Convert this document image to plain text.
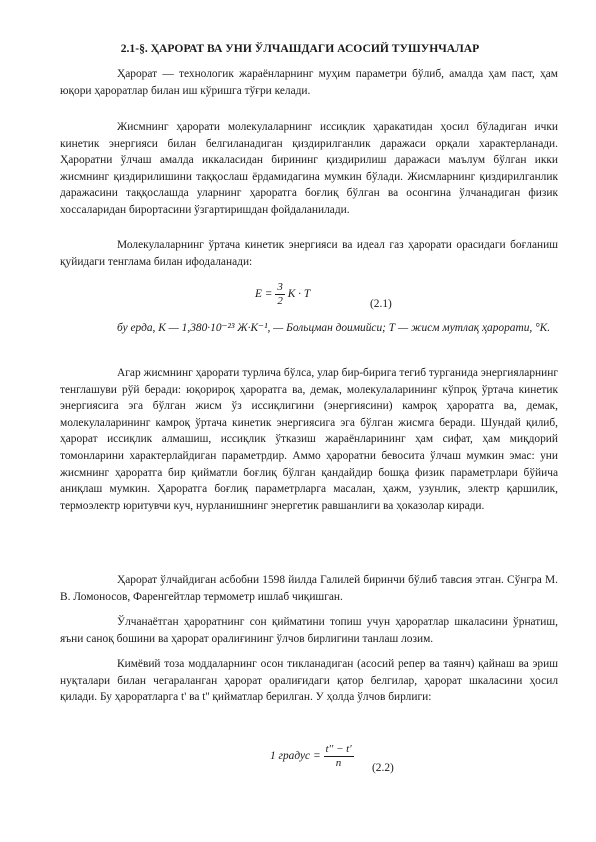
2.1-§. ҲАРОРАТ ВА УНИ ЎЛЧАШДАГИ АСОСИЙ ТУШУНЧАЛАР
Ҳарорат — технологик жараёнларнинг муҳим параметри бўлиб, амалда ҳам паст, ҳам юқори ҳароратлар билан иш кўришга тўғри келади.
Жисмнинг ҳарорати молекулаларнинг иссиқлик ҳаракатидан ҳосил бўладиган ички кинетик энергияси билан белгиланадиган қиздирилганлик даражаси орқали характерланади. Ҳароратни ўлчаш амалда иккаласидан бирининг қиздирилиш даражаси маълум бўлган икки жисмнинг қиздирилишини таққослаш ёрдамидагина мумкин бўлади. Жисмларнинг қиздирилганлик даражасини таққослашда уларнинг ҳароратга боғлиқ бўлган ва осонгина ўлчанадиган физик хоссаларидан бирортасини ўзгартиришдан фойдаланилади.
Молекулаларнинг ўртача кинетик энергияси ва идеал газ ҳарорати орасидаги боғланиш қуйидаги тенглама билан ифодаланади:
$E = \frac{3}{2}$ K · T
(2.1)
бу ерда, K — 1,380·10⁻²³ Ж·К⁻¹, — Больцман доимийси; Т — жисм мутлақ ҳарорати, °К.
Агар жисмнинг ҳарорати турлича бўлса, улар бир-бирига тегиб турганида энергияларнинг тенглашуви рўй беради: юқорироқ ҳароратга ва, демак, молекулаларининг кўпроқ ўртача кинетик энергиясига эга бўлган жисм ўз иссиқлигини (энергиясини) камроқ ҳароратга ва, демак, молекулаларининг камроқ ўртача кинетик энергиясига эга бўлган жисмга беради. Шундай қилиб, ҳарорат иссиқлик алмашиш, иссиқлик ўтказиш жараёнларининг ҳам сифат, ҳам миқдорий томонларини характерлайдиган параметрдир. Аммо ҳароратни бевосита ўлчаш мумкин эмас: уни жисмнинг ҳароратга бир қийматли боғлиқ бўлган қандайдир бошқа физик параметрлари бўйича аниқлаш мумкин. Ҳароратга боғлиқ параметрларга масалан, ҳажм, узунлик, электр қаршилик, термоэлектр юритувчи куч, нурланишнинг энергетик равшанлиги ва ҳоказолар киради.
Ҳарорат ўлчайдиган асбобни 1598 йилда Галилей биринчи бўлиб тавсия этган. Сўнгра М. В. Ломоносов, Фаренгейтлар термометр ишлаб чиқишган.
Ўлчанаётган ҳароратнинг сон қийматини топиш учун ҳароратлар шкаласини ўрнатиш, яъни саноқ бошини ва ҳарорат оралиғининг ўлчов бирлигини танлаш лозим.
Кимёвий тоза моддаларнинг осон тикланадиган (асосий репер ва таянч) қайнаш ва эриш нуқталари билан чегараланган ҳарорат оралиғидаги қатор белгилар, ҳарорат шкаласини ҳосил қилади. Бу ҳароратларга t' ва t'' қийматлар берилган. У ҳолда ўлчов бирлиги:
1 градус = $\frac{t'' - t'}{n} (2.2)$
